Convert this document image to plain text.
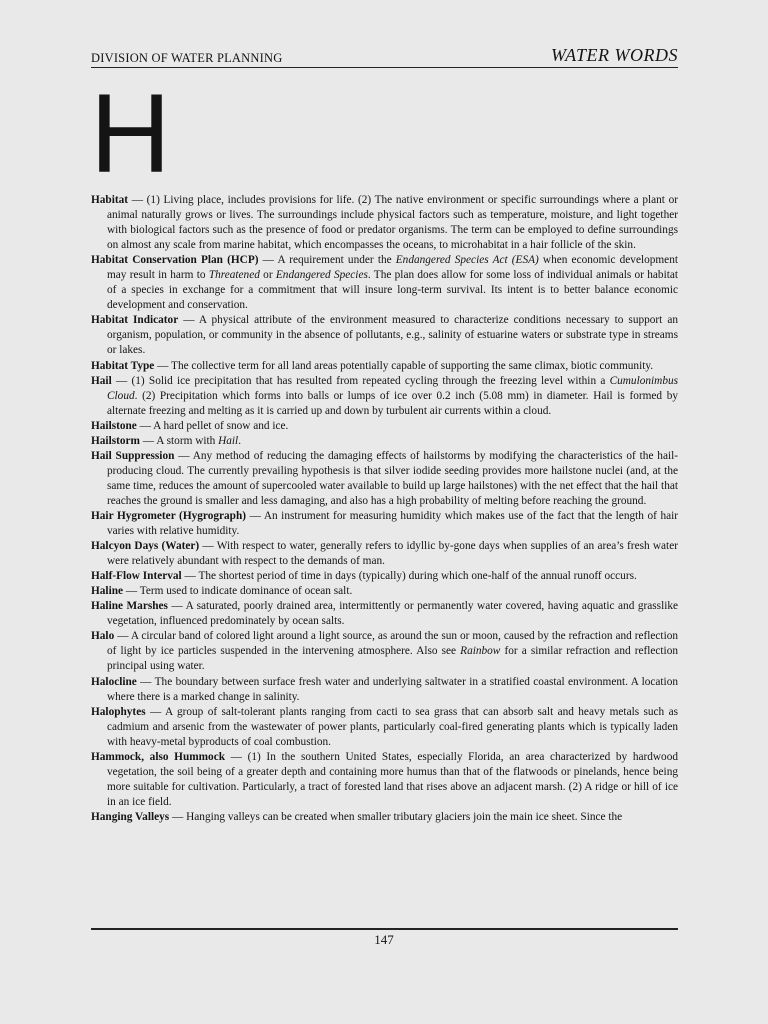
DIVISION OF WATER PLANNING	WATER WORDS
H

Habitat — (1) Living place, includes provisions for life. (2) The native environment or specific surroundings where a plant or animal naturally grows or lives. The surroundings include physical factors such as temperature, moisture, and light together with biological factors such as the presence of food or predator organisms. The term can be employed to define surroundings on almost any scale from marine habitat, which encompasses the oceans, to microhabitat in a hair follicle of the skin.

Habitat Conservation Plan (HCP) — A requirement under the Endangered Species Act (ESA) when economic development may result in harm to Threatened or Endangered Species. The plan does allow for some loss of individual animals or habitat of a species in exchange for a commitment that will insure long-term survival. Its intent is to better balance economic development and conservation.

Habitat Indicator — A physical attribute of the environment measured to characterize conditions necessary to support an organism, population, or community in the absence of pollutants, e.g., salinity of estuarine waters or substrate type in streams or lakes.

Habitat Type — The collective term for all land areas potentially capable of supporting the same climax, biotic community.

Hail — (1) Solid ice precipitation that has resulted from repeated cycling through the freezing level within a Cumulonimbus Cloud. (2) Precipitation which forms into balls or lumps of ice over 0.2 inch (5.08 mm) in diameter. Hail is formed by alternate freezing and melting as it is carried up and down by turbulent air currents within a cloud.

Hailstone — A hard pellet of snow and ice.

Hailstorm — A storm with Hail.

Hail Suppression — Any method of reducing the damaging effects of hailstorms by modifying the characteristics of the hail-producing cloud. The currently prevailing hypothesis is that silver iodide seeding provides more hailstone nuclei (and, at the same time, reduces the amount of supercooled water available to build up large hailstones) with the net effect that the hail that reaches the ground is smaller and less damaging, and also has a high probability of melting before reaching the ground.

Hair Hygrometer (Hygrograph) — An instrument for measuring humidity which makes use of the fact that the length of hair varies with relative humidity.

Halcyon Days (Water) — With respect to water, generally refers to idyllic by-gone days when supplies of an area’s fresh water were relatively abundant with respect to the demands of man.

Half-Flow Interval — The shortest period of time in days (typically) during which one-half of the annual runoff occurs.

Haline — Term used to indicate dominance of ocean salt.

Haline Marshes — A saturated, poorly drained area, intermittently or permanently water covered, having aquatic and grasslike vegetation, influenced predominately by ocean salts.

Halo — A circular band of colored light around a light source, as around the sun or moon, caused by the refraction and reflection of light by ice particles suspended in the intervening atmosphere. Also see Rainbow for a similar refraction and reflection principal using water.

Halocline — The boundary between surface fresh water and underlying saltwater in a stratified coastal environment. A location where there is a marked change in salinity.

Halophytes — A group of salt-tolerant plants ranging from cacti to sea grass that can absorb salt and heavy metals such as cadmium and arsenic from the wastewater of power plants, particularly coal-fired generating plants which is typically laden with heavy-metal byproducts of coal combustion.

Hammock, also Hummock — (1) In the southern United States, especially Florida, an area characterized by hardwood vegetation, the soil being of a greater depth and containing more humus than that of the flatwoods or pinelands, hence being more suitable for cultivation. Particularly, a tract of forested land that rises above an adjacent marsh. (2) A ridge or hill of ice in an ice field.

Hanging Valleys — Hanging valleys can be created when smaller tributary glaciers join the main ice sheet. Since the

147
